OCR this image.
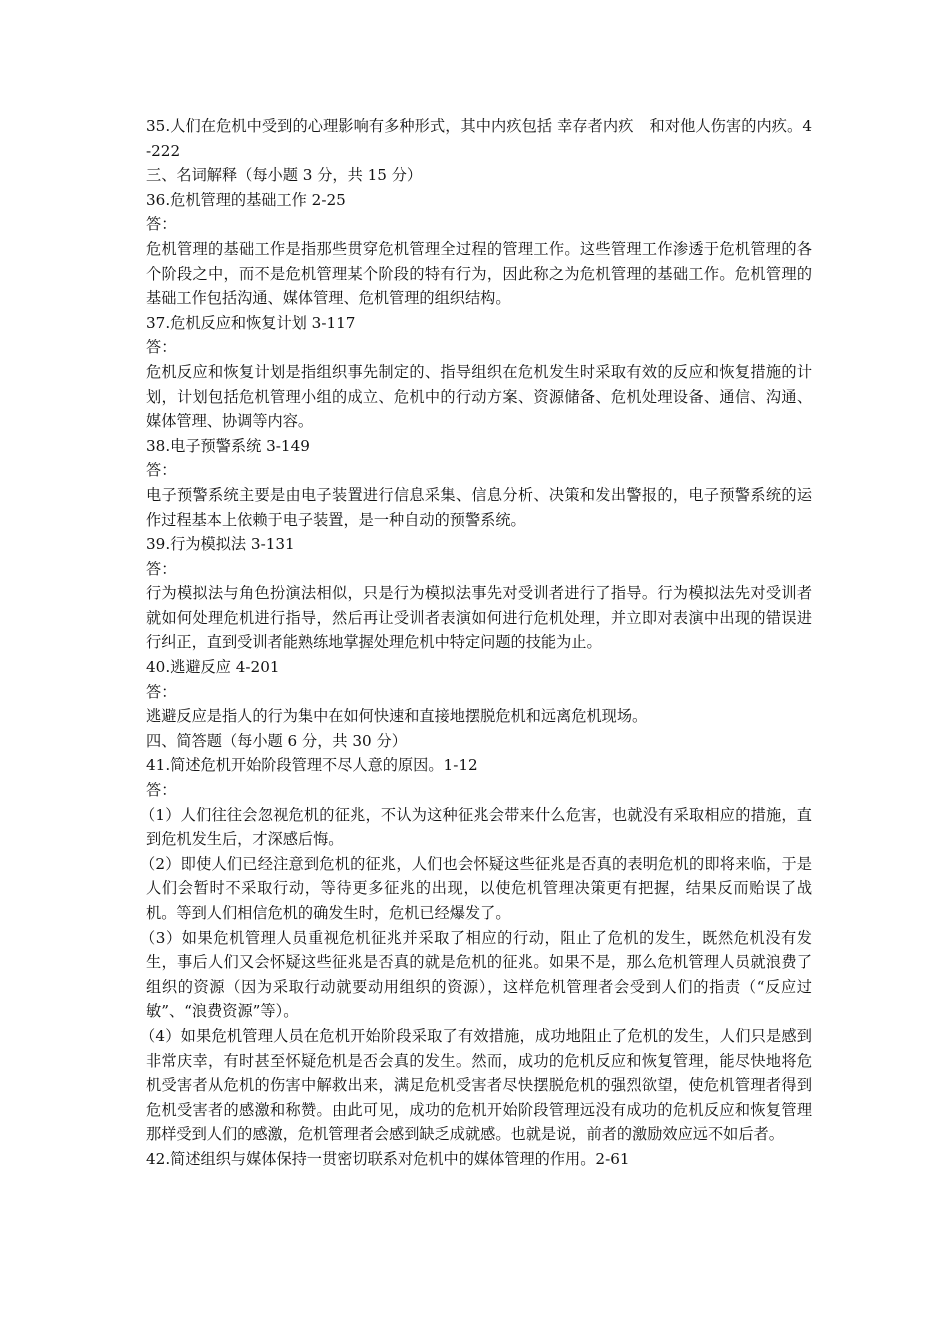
35.人们在危机中受到的心理影响有多种形式，其中内疚包括 幸存者内疚 和对他人伤害的内疚。4-222
三、名词解释（每小题 3 分，共 15 分）
36.危机管理的基础工作 2-25
答：
危机管理的基础工作是指那些贯穿危机管理全过程的管理工作。这些管理工作渗透于危机管理的各个阶段之中，而不是危机管理某个阶段的特有行为，因此称之为危机管理的基础工作。危机管理的基础工作包括沟通、媒体管理、危机管理的组织结构。
37.危机反应和恢复计划 3-117
答：
危机反应和恢复计划是指组织事先制定的、指导组织在危机发生时采取有效的反应和恢复措施的计划，计划包括危机管理小组的成立、危机中的行动方案、资源储备、危机处理设备、通信、沟通、媒体管理、协调等内容。
38.电子预警系统 3-149
答：
电子预警系统主要是由电子装置进行信息采集、信息分析、决策和发出警报的，电子预警系统的运作过程基本上依赖于电子装置，是一种自动的预警系统。
39.行为模拟法 3-131
答：
行为模拟法与角色扮演法相似，只是行为模拟法事先对受训者进行了指导。行为模拟法先对受训者就如何处理危机进行指导，然后再让受训者表演如何进行危机处理，并立即对表演中出现的错误进行纠正，直到受训者能熟练地掌握处理危机中特定问题的技能为止。
40.逃避反应 4-201
答：
逃避反应是指人的行为集中在如何快速和直接地摆脱危机和远离危机现场。
四、简答题（每小题 6 分，共 30 分）
41.简述危机开始阶段管理不尽人意的原因。1-12
答：
（1）人们往往会忽视危机的征兆，不认为这种征兆会带来什么危害，也就没有采取相应的措施，直到危机发生后，才深感后悔。
（2）即使人们已经注意到危机的征兆，人们也会怀疑这些征兆是否真的表明危机的即将来临，于是人们会暂时不采取行动，等待更多征兆的出现，以使危机管理决策更有把握，结果反而贻误了战机。等到人们相信危机的确发生时，危机已经爆发了。
（3）如果危机管理人员重视危机征兆并采取了相应的行动，阻止了危机的发生，既然危机没有发生，事后人们又会怀疑这些征兆是否真的就是危机的征兆。如果不是，那么危机管理人员就浪费了组织的资源（因为采取行动就要动用组织的资源），这样危机管理者会受到人们的指责（“反应过敏”、“浪费资源”等）。
（4）如果危机管理人员在危机开始阶段采取了有效措施，成功地阻止了危机的发生，人们只是感到非常庆幸，有时甚至怀疑危机是否会真的发生。然而，成功的危机反应和恢复管理，能尽快地将危机受害者从危机的伤害中解救出来，满足危机受害者尽快摆脱危机的强烈欲望，使危机管理者得到危机受害者的感激和称赞。由此可见，成功的危机开始阶段管理远没有成功的危机反应和恢复管理那样受到人们的感激，危机管理者会感到缺乏成就感。也就是说，前者的激励效应远不如后者。
42.简述组织与媒体保持一贯密切联系对危机中的媒体管理的作用。2-61
